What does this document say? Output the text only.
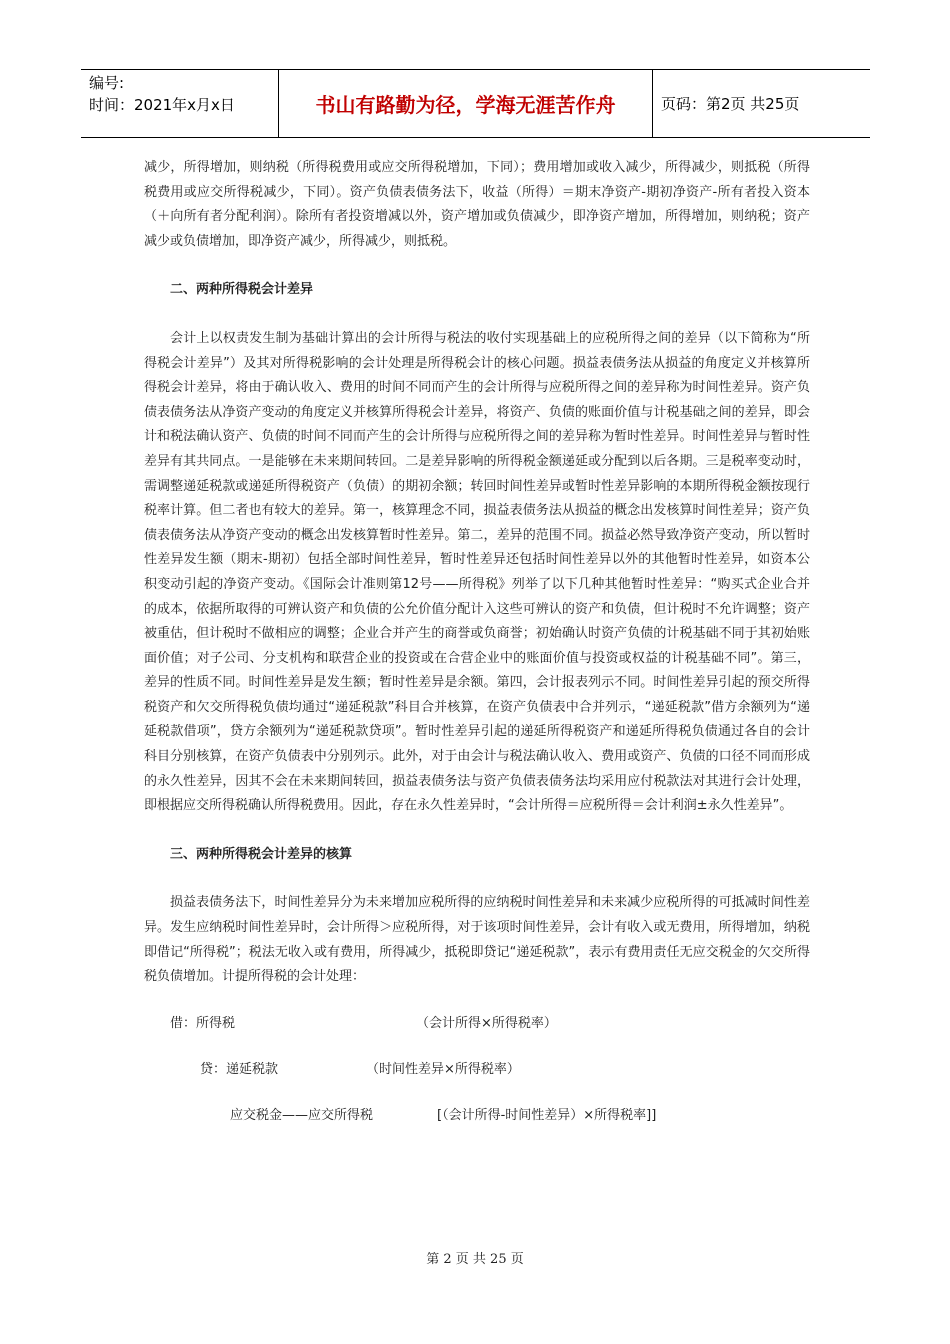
编号:
时间：2021年x月x日	书山有路勤为径，学海无涯苦作舟	页码：第2页 共25页

减少，所得增加，则纳税（所得税费用或应交所得税增加，下同）；费用增加或收入减少，所得减少，则抵税（所得税费用或应交所得税减少，下同）。资产负债表债务法下，收益（所得）＝期末净资产-期初净资产-所有者投入资本（＋向所有者分配利润）。除所有者投资增减以外，资产增加或负债减少，即净资产增加，所得增加，则纳税；资产减少或负债增加，即净资产减少，所得减少，则抵税。

二、两种所得税会计差异

会计上以权责发生制为基础计算出的会计所得与税法的收付实现基础上的应税所得之间的差异（以下简称为“所得税会计差异”）及其对所得税影响的会计处理是所得税会计的核心问题。损益表债务法从损益的角度定义并核算所得税会计差异，将由于确认收入、费用的时间不同而产生的会计所得与应税所得之间的差异称为时间性差异。资产负债表债务法从净资产变动的角度定义并核算所得税会计差异，将资产、负债的账面价值与计税基础之间的差异，即会计和税法确认资产、负债的时间不同而产生的会计所得与应税所得之间的差异称为暂时性差异。时间性差异与暂时性差异有其共同点。一是能够在未来期间转回。二是差异影响的所得税金额递延或分配到以后各期。三是税率变动时，需调整递延税款或递延所得税资产（负债）的期初余额；转回时间性差异或暂时性差异影响的本期所得税金额按现行税率计算。但二者也有较大的差异。第一，核算理念不同，损益表债务法从损益的概念出发核算时间性差异；资产负债表债务法从净资产变动的概念出发核算暂时性差异。第二，差异的范围不同。损益必然导致净资产变动，所以暂时性差异发生额（期末-期初）包括全部时间性差异，暂时性差异还包括时间性差异以外的其他暂时性差异，如资本公积变动引起的净资产变动。《国际会计准则第12号——所得税》列举了以下几种其他暂时性差异：“购买式企业合并的成本，依据所取得的可辨认资产和负债的公允价值分配计入这些可辨认的资产和负债，但计税时不允许调整；资产被重估，但计税时不做相应的调整；企业合并产生的商誉或负商誉；初始确认时资产负债的计税基础不同于其初始账面价值；对子公司、分支机构和联营企业的投资或在合营企业中的账面价值与投资或权益的计税基础不同”。第三，差异的性质不同。时间性差异是发生额；暂时性差异是余额。第四，会计报表列示不同。时间性差异引起的预交所得税资产和欠交所得税负债均通过“递延税款”科目合并核算，在资产负债表中合并列示，“递延税款”借方余额列为“递延税款借项”，贷方余额列为“递延税款贷项”。暂时性差异引起的递延所得税资产和递延所得税负债通过各自的会计科目分别核算，在资产负债表中分别列示。此外，对于由会计与税法确认收入、费用或资产、负债的口径不同而形成的永久性差异，因其不会在未来期间转回，损益表债务法与资产负债表债务法均采用应付税款法对其进行会计处理，即根据应交所得税确认所得税费用。因此，存在永久性差异时，“会计所得＝应税所得＝会计利润±永久性差异”。

三、两种所得税会计差异的核算

损益表债务法下，时间性差异分为未来增加应税所得的应纳税时间性差异和未来减少应税所得的可抵减时间性差异。发生应纳税时间性差异时，会计所得＞应税所得，对于该项时间性差异，会计有收入或无费用，所得增加，纳税即借记“所得税”；税法无收入或有费用，所得减少，抵税即贷记“递延税款”，表示有费用责任无应交税金的欠交所得税负债增加。计提所得税的会计处理：

借：所得税	（会计所得×所得税率）
贷：递延税款	（时间性差异×所得税率）
应交税金——应交所得税	[（会计所得-时间性差异）×所得税率]]
第 2 页 共 25 页
